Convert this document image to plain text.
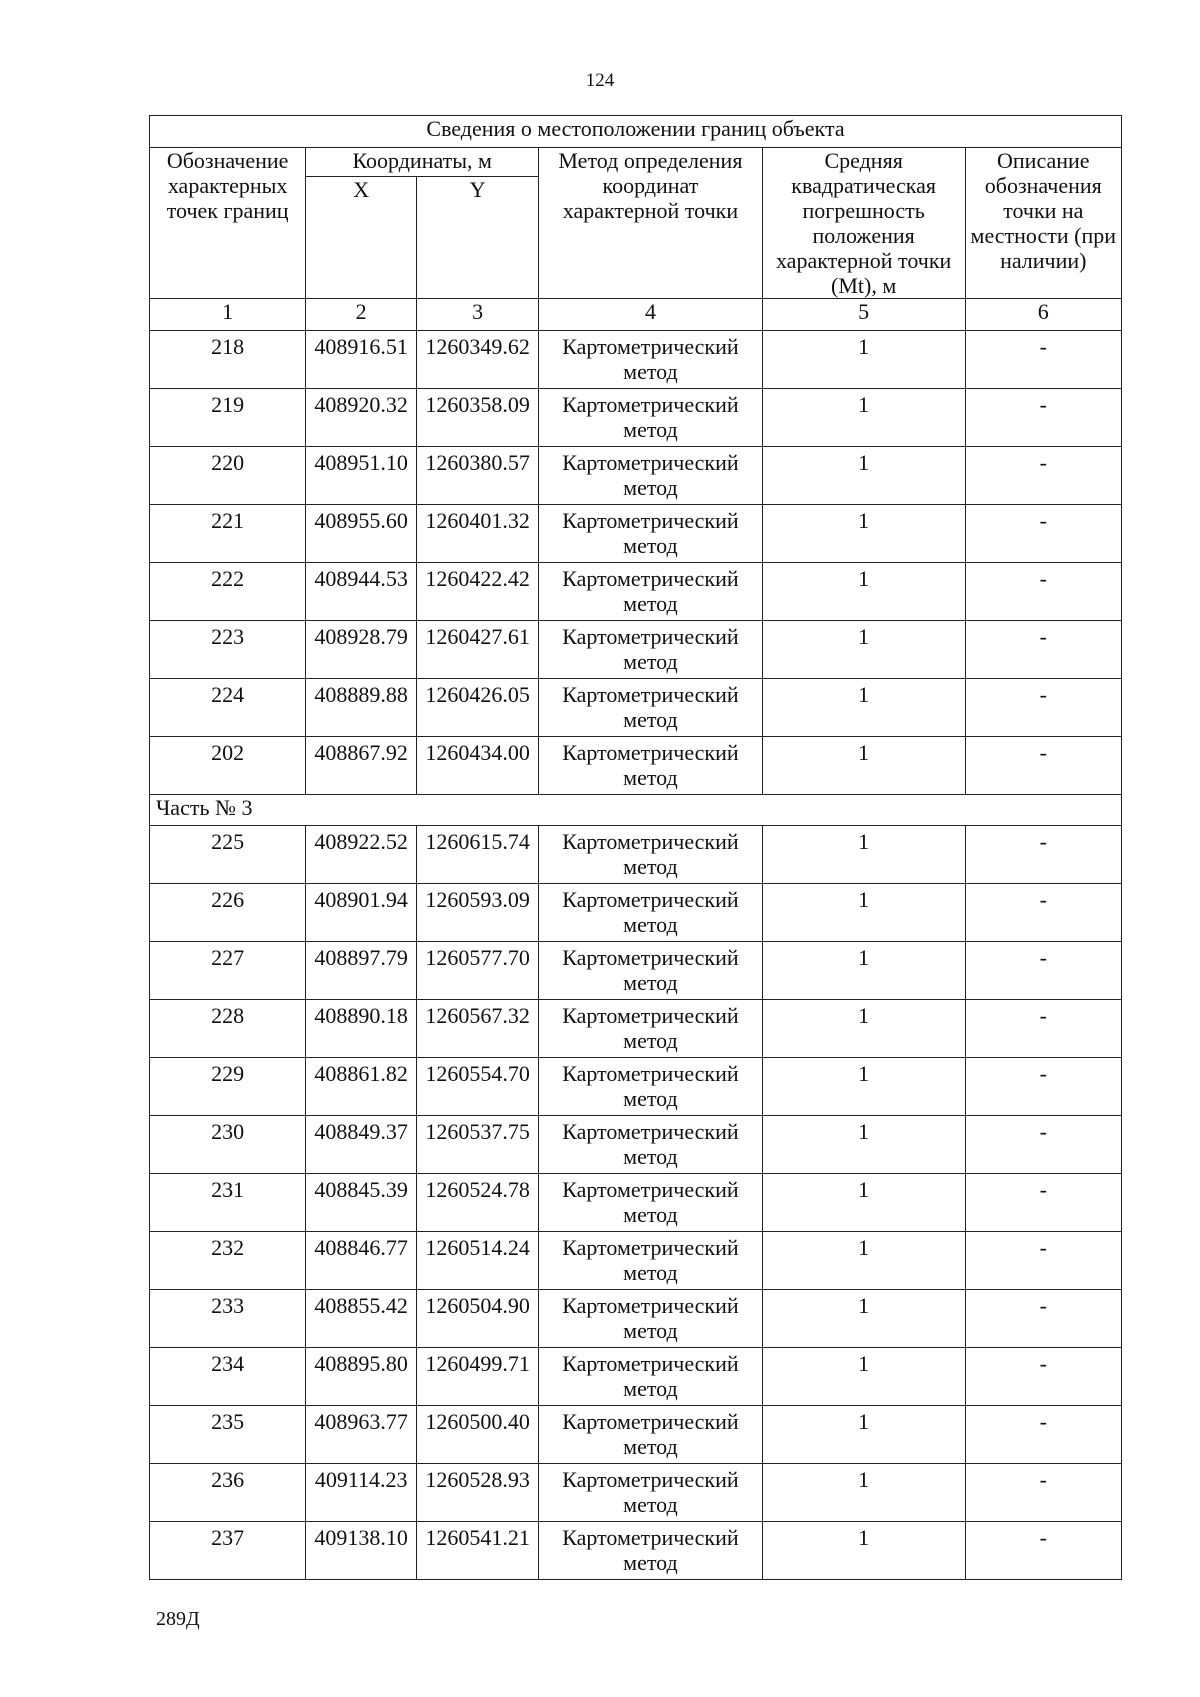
124
Сведения о местоположении границ объекта					
Обозначение характерных точек границ	Координаты, м		Метод определения координат характерной точки	Средняя квадратическая погрешность положения характерной точки (Mt), м	Описание обозначения точки на местности (при наличии)
	X	Y			
1	2	3	4	5	6
218	408916.51	1260349.62	Картометрический метод	1	-
219	408920.32	1260358.09	Картометрический метод	1	-
220	408951.10	1260380.57	Картометрический метод	1	-
221	408955.60	1260401.32	Картометрический метод	1	-
222	408944.53	1260422.42	Картометрический метод	1	-
223	408928.79	1260427.61	Картометрический метод	1	-
224	408889.88	1260426.05	Картометрический метод	1	-
202	408867.92	1260434.00	Картометрический метод	1	-
Часть № 3					
225	408922.52	1260615.74	Картометрический метод	1	-
226	408901.94	1260593.09	Картометрический метод	1	-
227	408897.79	1260577.70	Картометрический метод	1	-
228	408890.18	1260567.32	Картометрический метод	1	-
229	408861.82	1260554.70	Картометрический метод	1	-
230	408849.37	1260537.75	Картометрический метод	1	-
231	408845.39	1260524.78	Картометрический метод	1	-
232	408846.77	1260514.24	Картометрический метод	1	-
233	408855.42	1260504.90	Картометрический метод	1	-
234	408895.80	1260499.71	Картометрический метод	1	-
235	408963.77	1260500.40	Картометрический метод	1	-
236	409114.23	1260528.93	Картометрический метод	1	-
237	409138.10	1260541.21	Картометрический метод	1	-
289Д
